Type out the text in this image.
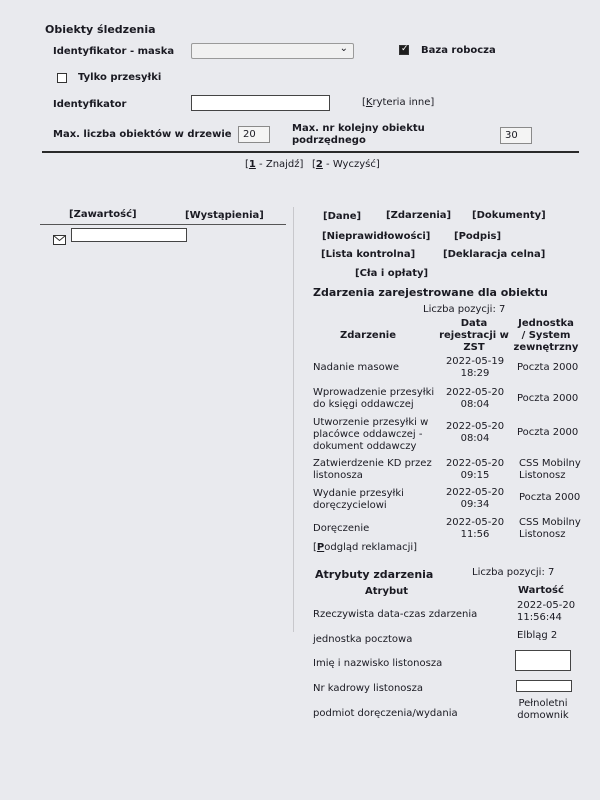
Obiekty śledzenia
Identyfikator - maska	⌄
✓	Baza robocza
Tylko przesyłki
Identyfikator	[Kryteria inne]
Max. liczba obiektów w drzewie	20
Max. nr kolejny obiektu
podrzędnego	30
[1 - Znajdź] [2 - Wyczyść]
[Zawartość]	[Wystąpienia]	[Dane] [Zdarzenia] [Dokumenty]
[Nieprawidłowości] [Podpis]
[Lista kontrolna]	[Deklaracja celna]
[Cła i opłaty]
Zdarzenia zarejestrowane dla obiektu
Liczba pozycji: 7
Zdarzenie
Data
rejestracji w
ZST
Jednostka
/ System
zewnętrzny
Nadanie masowe
2022-05-19
18:29
Poczta 2000
Wprowadzenie przesyłki
do księgi oddawczej
2022-05-20
08:04
Poczta 2000
Utworzenie przesyłki w
placówce oddawczej -
dokument oddawczy
2022-05-20
08:04
Poczta 2000
Zatwierdzenie KD przez
listonosza
2022-05-20
09:15
CSS Mobilny
Listonosz
Wydanie przesyłki
doręczycielowi
2022-05-20
09:34
Poczta 2000
Doręczenie
2022-05-20
11:56
CSS Mobilny
Listonosz
[Podgląd reklamacji]
Atrybuty zdarzenia	Liczba pozycji: 7
Atrybut	Wartość
Rzeczywista data-czas zdarzenia
2022-05-20
11:56:44
jednostka pocztowa	Elbląg 2
Imię i nazwisko listonosza
Nr kadrowy listonosza
podmiot doręczenia/wydania
Pełnoletni
domownik
